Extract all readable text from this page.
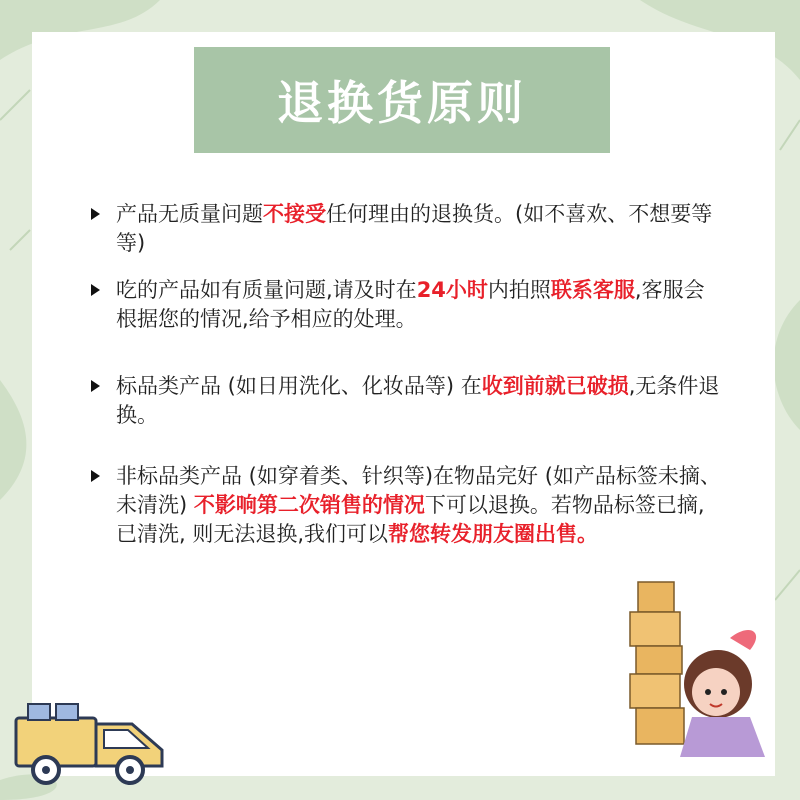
退换货原则
产品无质量问题不接受任何理由的退换货。(如不喜欢、不想要等等)
吃的产品如有质量问题,请及时在24小时内拍照联系客服,客服会根据您的情况,给予相应的处理。
标品类产品 (如日用洗化、化妆品等) 在收到前就已破损,无条件退换。
非标品类产品 (如穿着类、针织等)在物品完好 (如产品标签未摘、未清洗) 不影响第二次销售的情况下可以退换。若物品标签已摘,已清洗, 则无法退换,我们可以帮您转发朋友圈出售。
